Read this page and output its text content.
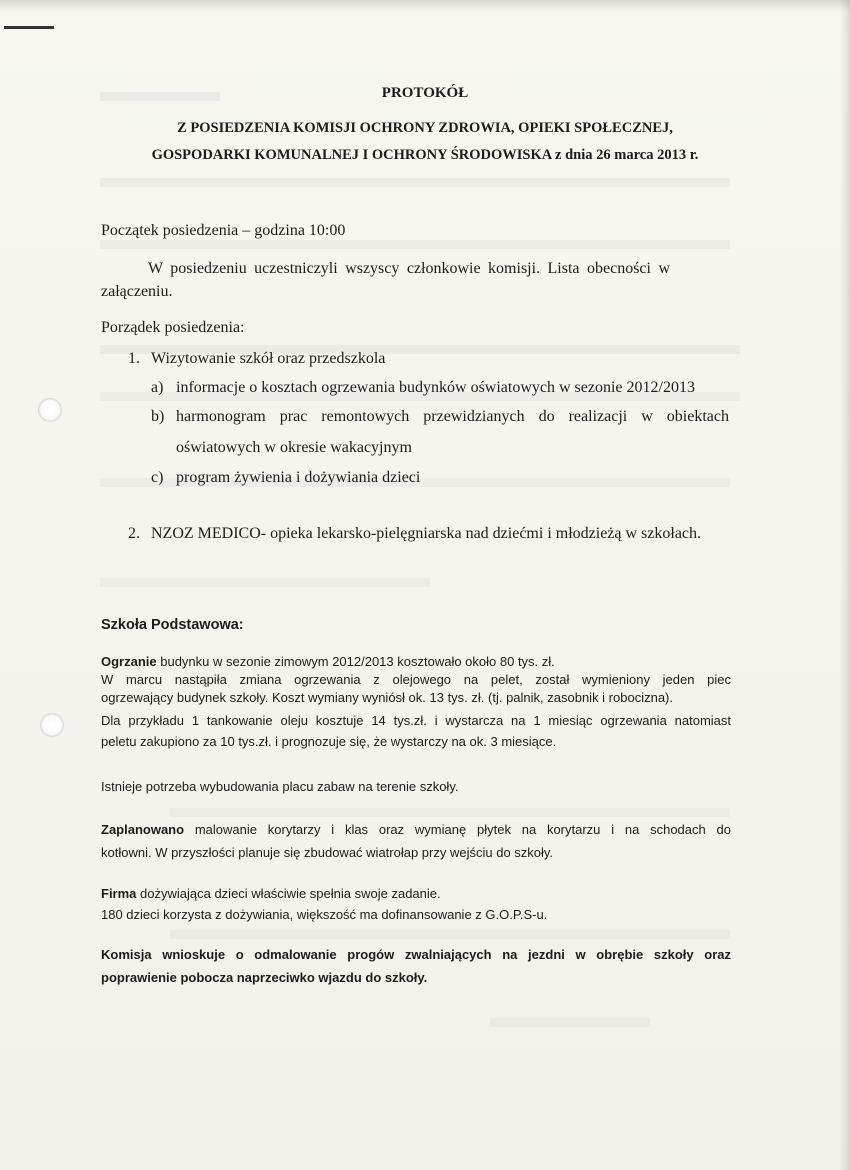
PROTOKÓŁ
Z POSIEDZENIA KOMISJI OCHRONY ZDROWIA, OPIEKI SPOŁECZNEJ,
GOSPODARKI KOMUNALNEJ I OCHRONY ŚRODOWISKA z dnia 26 marca 2013 r.
Początek posiedzenia – godzina 10:00
W posiedzeniu uczestniczyli wszyscy członkowie komisji. Lista obecności w
załączeniu.
Porządek posiedzenia:
1. Wizytowanie szkół oraz przedszkola
a) informacje o kosztach ogrzewania budynków oświatowych w sezonie 2012/2013
b) harmonogram prac remontowych przewidzianych do realizacji w obiektach
oświatowych w okresie wakacyjnym
c) program żywienia i dożywiania dzieci
2. NZOZ MEDICO- opieka lekarsko-pielęgniarska nad dziećmi i młodzieżą w szkołach.
Szkoła Podstawowa:
Ogrzanie budynku w sezonie zimowym 2012/2013 kosztowało około 80 tys. zł.
W marcu nastąpiła zmiana ogrzewania z olejowego na pelet, został wymieniony jeden piec
ogrzewający budynek szkoły. Koszt wymiany wyniósł ok. 13 tys. zł. (tj. palnik, zasobnik i robocizna).
Dla przykładu 1 tankowanie oleju kosztuje 14 tys.zł. i wystarcza na 1 miesiąc ogrzewania natomiast
peletu zakupiono za 10 tys.zł. i prognozuje się, że wystarczy na ok. 3 miesiące.
Istnieje potrzeba wybudowania placu zabaw na terenie szkoły.
Zaplanowano malowanie korytarzy i klas oraz wymianę płytek na korytarzu i na schodach do
kotłowni. W przyszłości planuje się zbudować wiatrołap przy wejściu do szkoły.
Firma dożywiająca dzieci właściwie spełnia swoje zadanie.
180 dzieci korzysta z dożywiania, większość ma dofinansowanie z G.O.P.S-u.
Komisja wnioskuje o odmalowanie progów zwalniających na jezdni w obrębie szkoły oraz
poprawienie pobocza naprzeciwko wjazdu do szkoły.
